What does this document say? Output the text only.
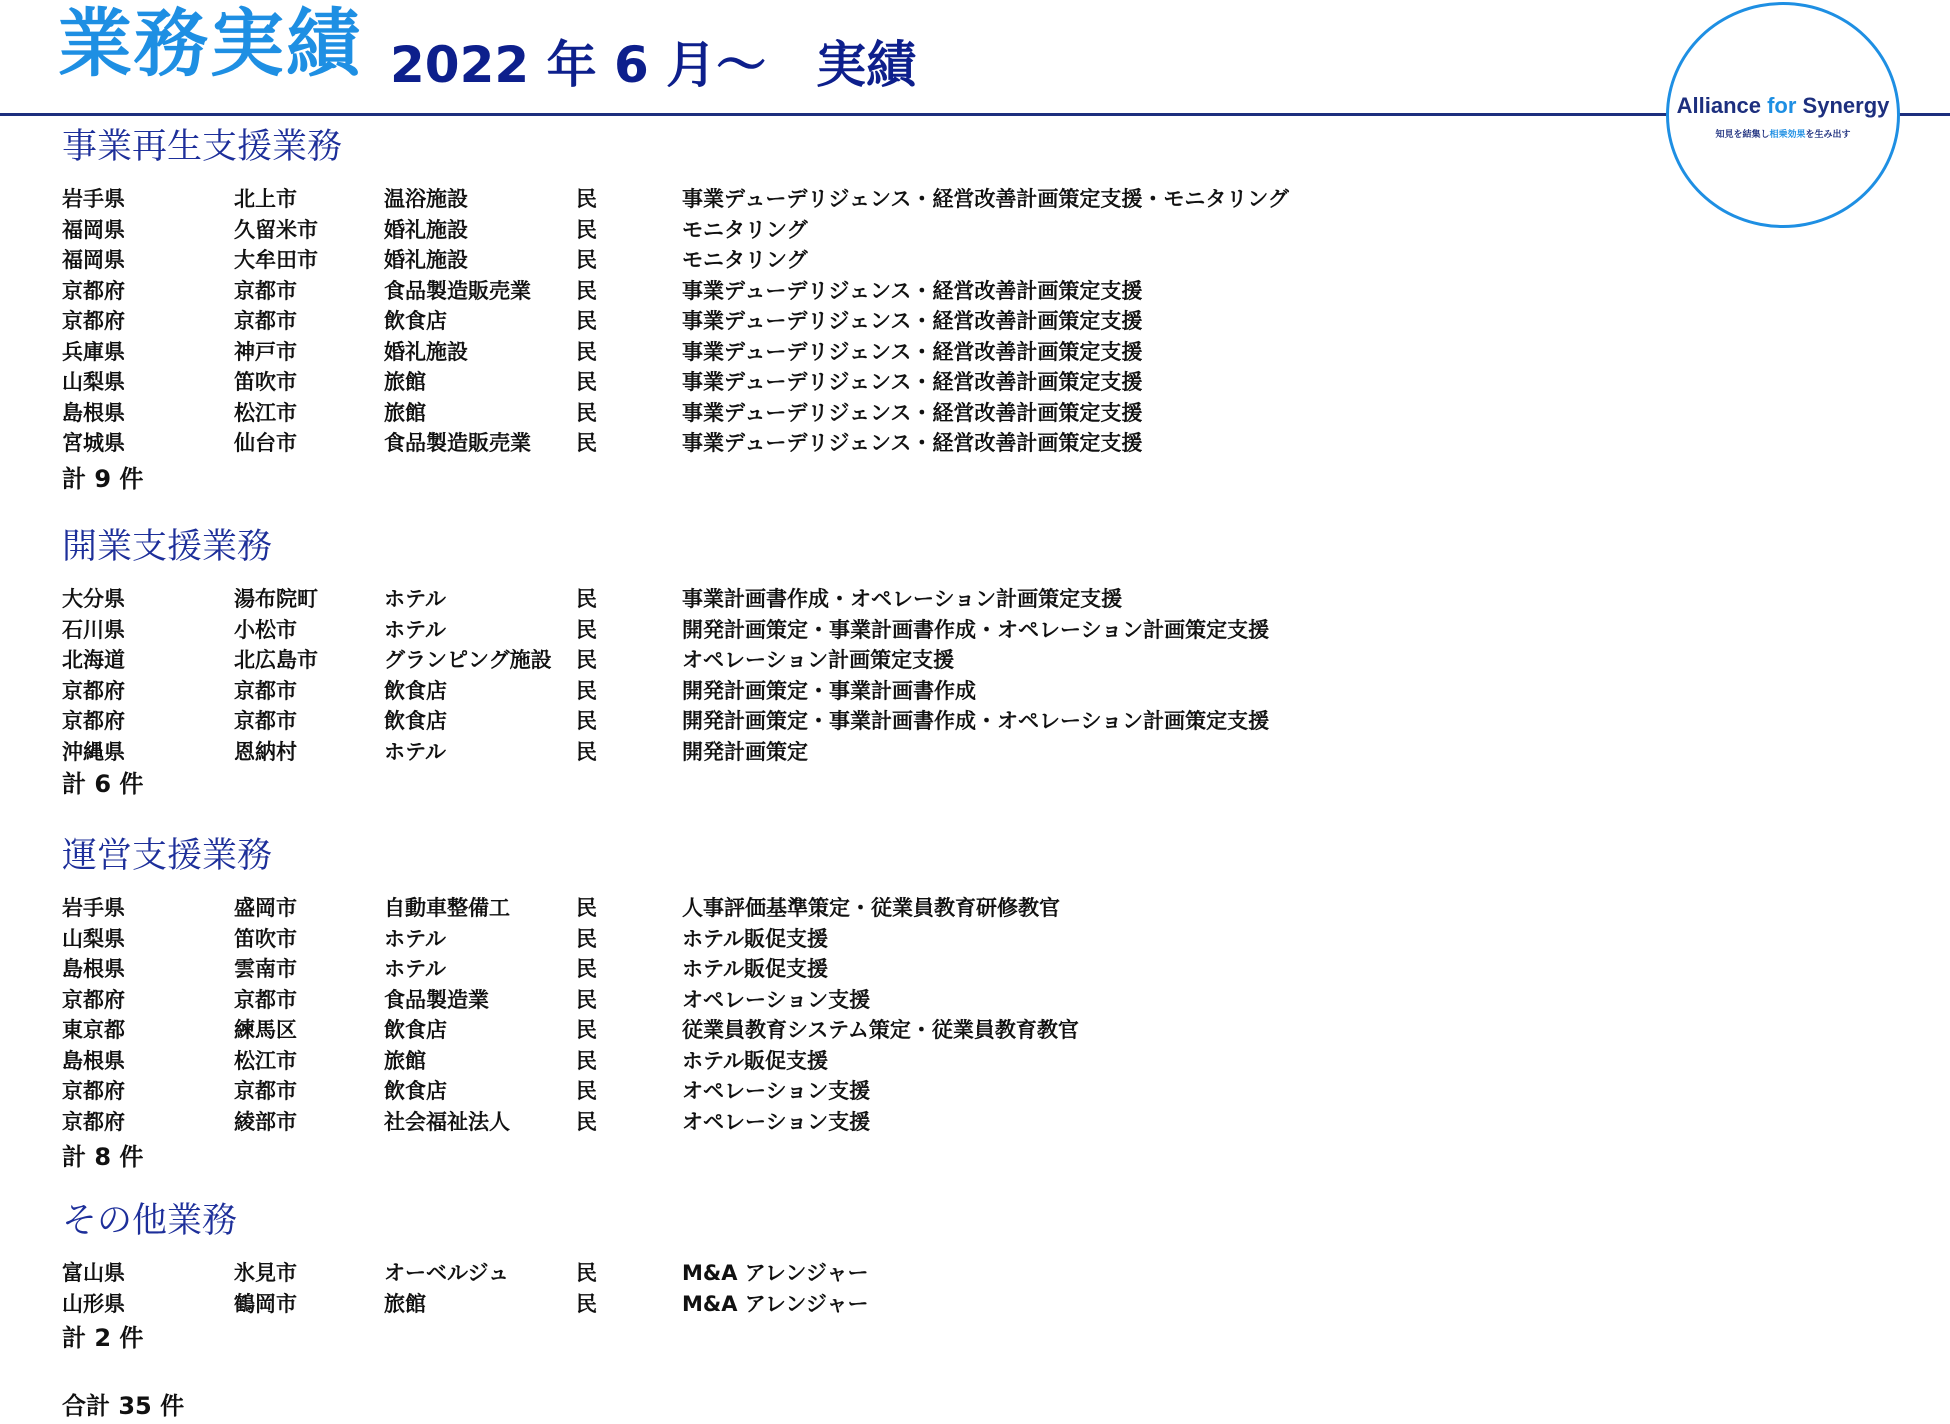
業務実績 2022 年 6 月～　実績
Alliance for Synergy
知見を結集し相乗効果を生み出す
事業再生支援業務
岩手県	北上市	温浴施設	民	事業デューデリジェンス・経営改善計画策定支援・モニタリング
福岡県	久留米市	婚礼施設	民	モニタリング
福岡県	大牟田市	婚礼施設	民	モニタリング
京都府	京都市	食品製造販売業 民	事業デューデリジェンス・経営改善計画策定支援
京都府	京都市	飲食店	民	事業デューデリジェンス・経営改善計画策定支援
兵庫県	神戸市	婚礼施設	民	事業デューデリジェンス・経営改善計画策定支援
山梨県	笛吹市	旅館	民	事業デューデリジェンス・経営改善計画策定支援
島根県	松江市	旅館	民	事業デューデリジェンス・経営改善計画策定支援
宮城県	仙台市	食品製造販売業 民	事業デューデリジェンス・経営改善計画策定支援
計 9 件
開業支援業務
大分県	湯布院町	ホテル	民	事業計画書作成・オペレーション計画策定支援
石川県	小松市	ホテル	民	開発計画策定・事業計画書作成・オペレーション計画策定支援
北海道	北広島市	グランピング施設 民	オペレーション計画策定支援
京都府	京都市	飲食店	民	開発計画策定・事業計画書作成
京都府	京都市	飲食店	民	開発計画策定・事業計画書作成・オペレーション計画策定支援
沖縄県	恩納村	ホテル	民	開発計画策定
計 6 件
運営支援業務
岩手県	盛岡市	自動車整備工	民	人事評価基準策定・従業員教育研修教官
山梨県	笛吹市	ホテル	民	ホテル販促支援
島根県	雲南市	ホテル	民	ホテル販促支援
京都府	京都市	食品製造業	民	オペレーション支援
東京都	練馬区	飲食店	民	従業員教育システム策定・従業員教育教官
島根県	松江市	旅館	民	ホテル販促支援
京都府	京都市	飲食店	民	オペレーション支援
京都府	綾部市	社会福祉法人	民	オペレーション支援
計 8 件
その他業務
富山県	氷見市	オーベルジュ	民	M&A アレンジャー
山形県	鶴岡市	旅館	民	M&A アレンジャー
計 2 件
合計 35 件
